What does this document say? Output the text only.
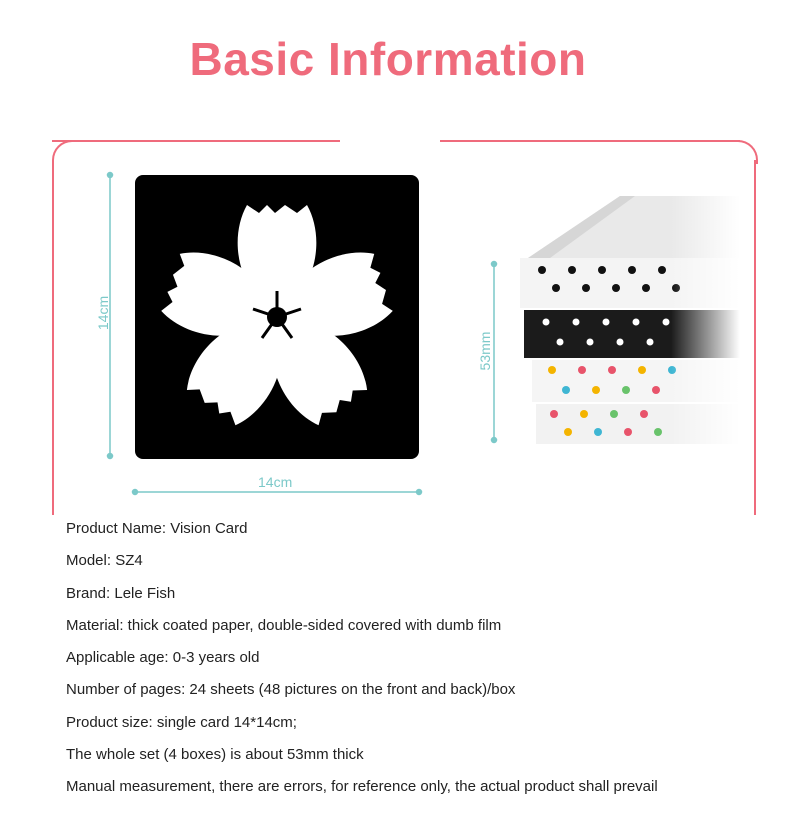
Basic Information
14cm
14cm
53mm
Product Name: Vision Card
Model: SZ4
Brand: Lele Fish
Material: thick coated paper, double-sided covered with dumb film
Applicable age: 0-3 years old
Number of pages: 24 sheets (48 pictures on the front and back)/box
Product size: single card 14*14cm;
The whole set (4 boxes) is about 53mm thick
Manual measurement, there are errors, for reference only, the actual product shall prevail
